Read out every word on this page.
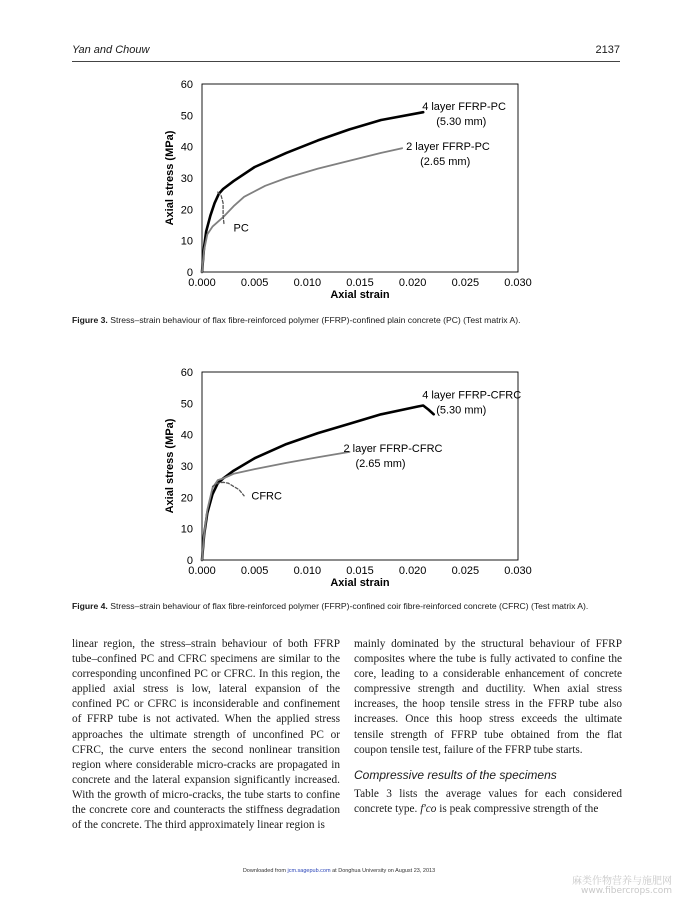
Yan and Chouw	2137
0
10
20
30
40
50
60
0.000 0.005 0.010 0.015 0.020 0.025 0.030
Axial strain
Axial stress (MPa)
4 layer FFRP-PC
(5.30 mm)
2 layer FFRP-PC
(2.65 mm)
PC
Figure 3. Stress–strain behaviour of flax fibre-reinforced polymer (FFRP)-confined plain concrete (PC) (Test matrix A).
0
10
20
30
40
50
60
0.000 0.005 0.010 0.015 0.020 0.025 0.030
Axial strain
Axial stress (MPa)
4 layer FFRP-CFRC
(5.30 mm)
2 layer FFRP-CFRC
(2.65 mm)
CFRC
Figure 4. Stress–strain behaviour of flax fibre-reinforced polymer (FFRP)-confined coir fibre-reinforced concrete (CFRC) (Test matrix A).

linear region, the stress–strain behaviour of both FFRP tube–confined PC and CFRC specimens are similar to the corresponding unconfined PC or CFRC. In this region, the applied axial stress is low, lateral expansion of the confined PC or CFRC is inconsiderable and confinement of FFRP tube is not activated. When the applied stress approaches the ultimate strength of unconfined PC or CFRC, the curve enters the second nonlinear transition region where considerable micro-cracks are propagated in concrete and the lateral expansion significantly increased. With the growth of micro-cracks, the tube starts to confine the concrete core and counteracts the stiffness degradation of the concrete. The third approximately linear region is

mainly dominated by the structural behaviour of FFRP composites where the tube is fully activated to confine the core, leading to a considerable enhancement of concrete compressive strength and ductility. When axial stress increases, the hoop tensile stress in the FFRP tube also increases. Once this hoop stress exceeds the ultimate tensile strength of FFRP tube obtained from the flat coupon tensile test, failure of the FFRP tube starts.

Compressive results of the specimens

Table 3 lists the average values for each considered concrete type. f′co is peak compressive strength of the

Downloaded from jcm.sagepub.com at Donghua University on August 23, 2013
麻类作物营养与施肥网
www.fibercrops.com
